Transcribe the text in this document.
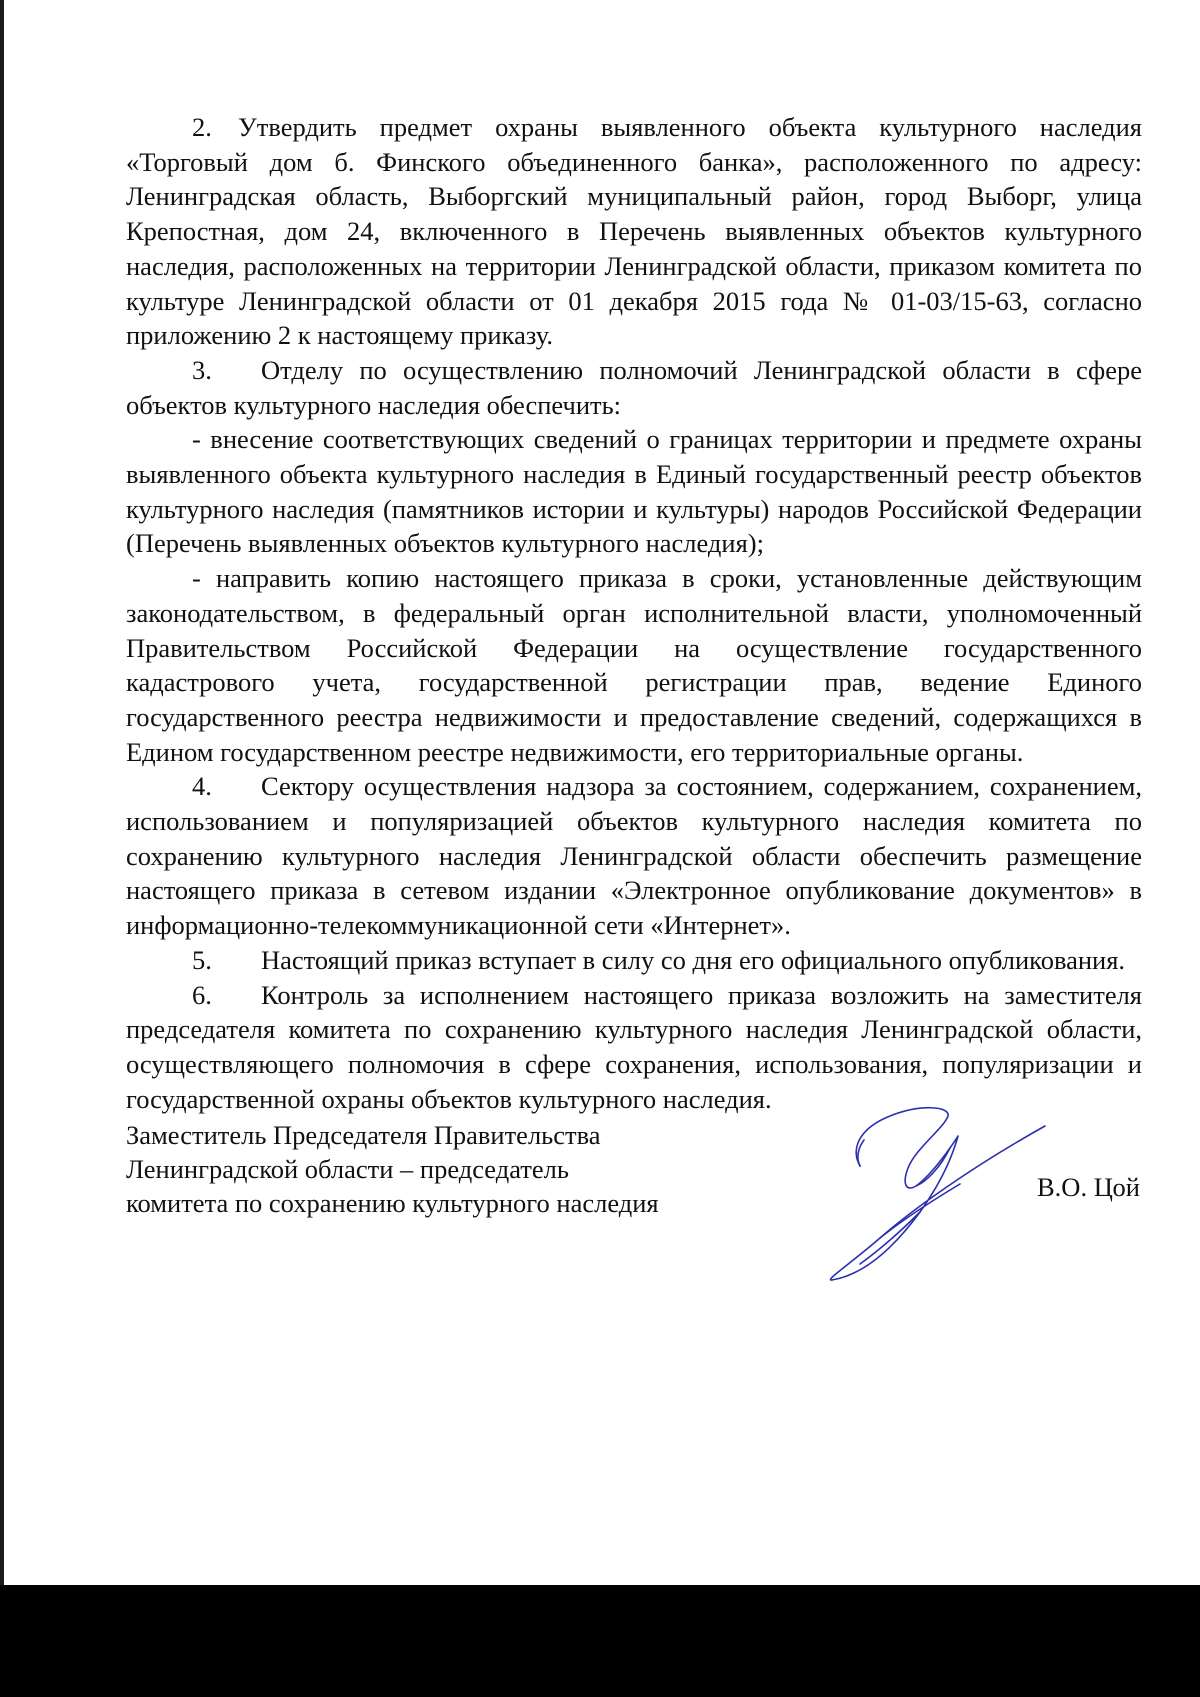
2. Утвердить предмет охраны выявленного объекта культурного наследия «Торговый дом б. Финского объединенного банка», расположенного по адресу: Ленинградская область, Выборгский муниципальный район, город Выборг, улица Крепостная, дом 24, включенного в Перечень выявленных объектов культурного наследия, расположенных на территории Ленинградской области, приказом комитета по культуре Ленинградской области от 01 декабря 2015 года № 01-03/15-63, согласно приложению 2 к настоящему приказу.

3. Отделу по осуществлению полномочий Ленинградской области в сфере объектов культурного наследия обеспечить:

- внесение соответствующих сведений о границах территории и предмете охраны выявленного объекта культурного наследия в Единый государственный реестр объектов культурного наследия (памятников истории и культуры) народов Российской Федерации (Перечень выявленных объектов культурного наследия);

- направить копию настоящего приказа в сроки, установленные действующим законодательством, в федеральный орган исполнительной власти, уполномоченный Правительством Российской Федерации на осуществление государственного кадастрового учета, государственной регистрации прав, ведение Единого государственного реестра недвижимости и предоставление сведений, содержащихся в Едином государственном реестре недвижимости, его территориальные органы.

4. Сектору осуществления надзора за состоянием, содержанием, сохранением, использованием и популяризацией объектов культурного наследия комитета по сохранению культурного наследия Ленинградской области обеспечить размещение настоящего приказа в сетевом издании «Электронное опубликование документов» в информационно-телекоммуникационной сети «Интернет».

5. Настоящий приказ вступает в силу со дня его официального опубликования.

6. Контроль за исполнением настоящего приказа возложить на заместителя председателя комитета по сохранению культурного наследия Ленинградской области, осуществляющего полномочия в сфере сохранения, использования, популяризации и государственной охраны объектов культурного наследия.

Заместитель Председателя Правительства
Ленинградской области – председатель
комитета по сохранению культурного наследия
В.О. Цой
